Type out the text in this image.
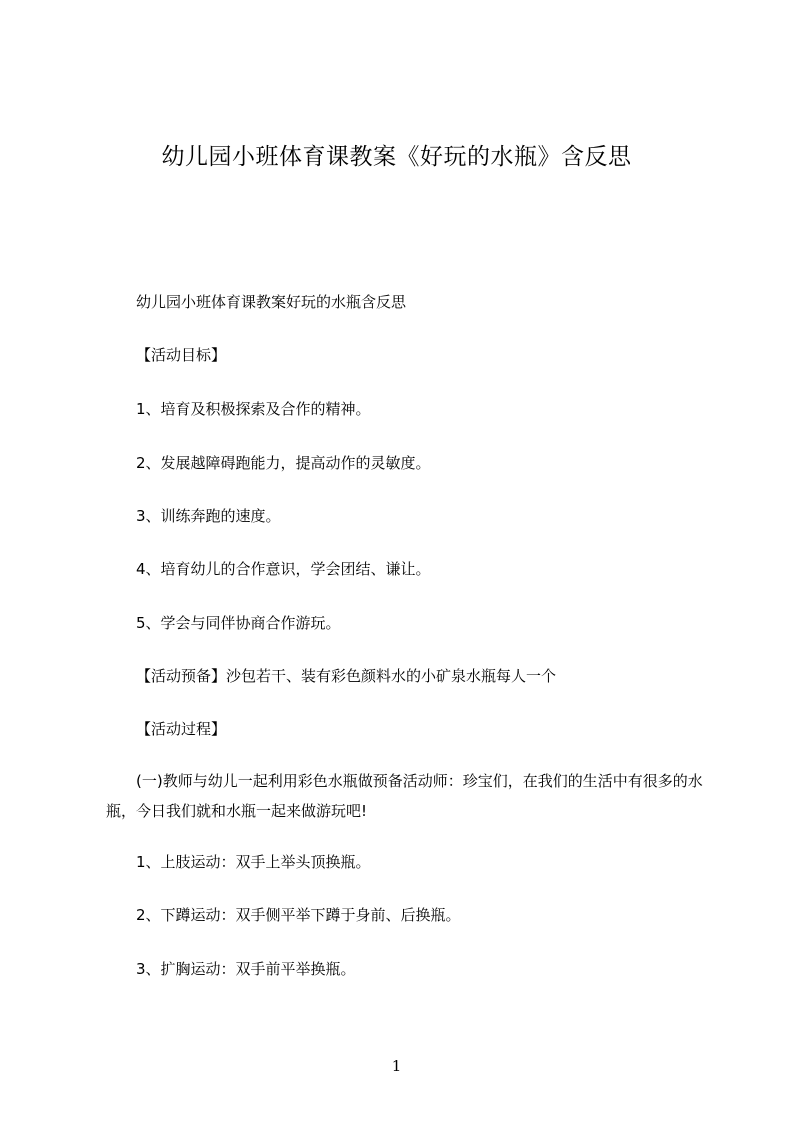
幼儿园小班体育课教案《好玩的水瓶》含反思

幼儿园小班体育课教案好玩的水瓶含反思

【活动目标】

1、培育及积极探索及合作的精神。

2、发展越障碍跑能力，提高动作的灵敏度。

3、训练奔跑的速度。

4、培育幼儿的合作意识，学会团结、谦让。

5、学会与同伴协商合作游玩。

【活动预备】沙包若干、装有彩色颜料水的小矿泉水瓶每人一个

【活动过程】

(一)教师与幼儿一起利用彩色水瓶做预备活动师：珍宝们，在我们的生活中有很多的水瓶，今日我们就和水瓶一起来做游玩吧!

1、上肢运动：双手上举头顶换瓶。

2、下蹲运动：双手侧平举下蹲于身前、后换瓶。

3、扩胸运动：双手前平举换瓶。

1
